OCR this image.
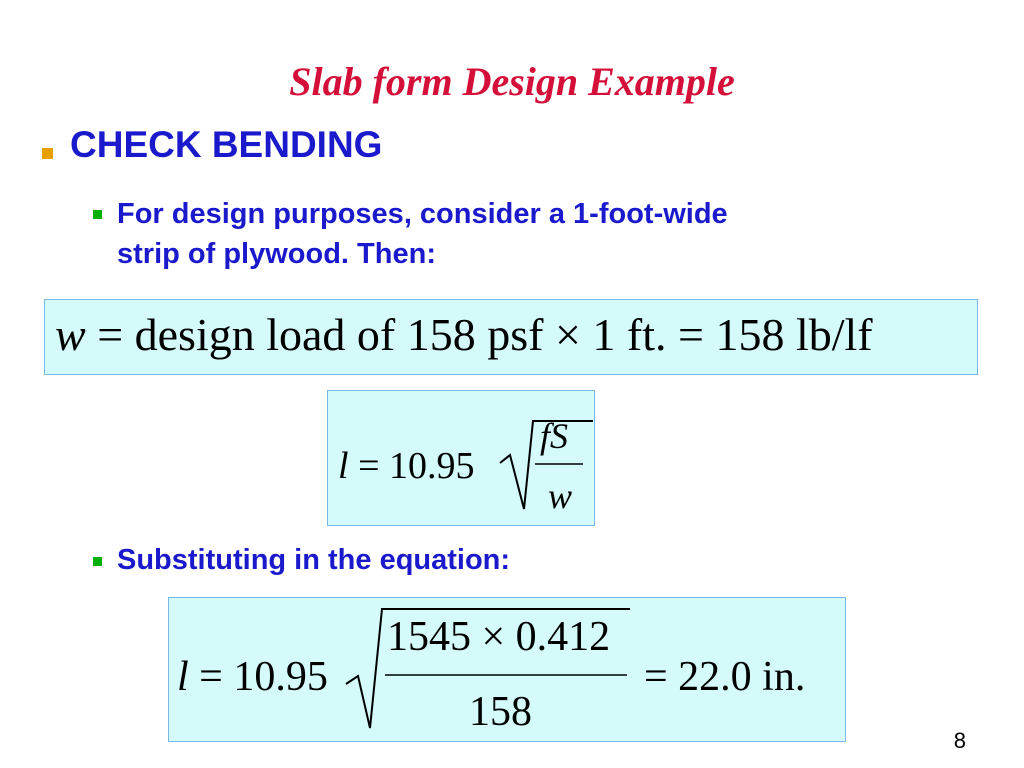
Slab form Design Example
CHECK BENDING
For design purposes, consider a 1-foot-wide
strip of plywood. Then:
w = design load of 158 psf × 1 ft. = 158 lb/lf
l = 10.95
fS
w
Substituting in the equation:
l = 10.95
1545 × 0.412
158
= 22.0 in.
8
